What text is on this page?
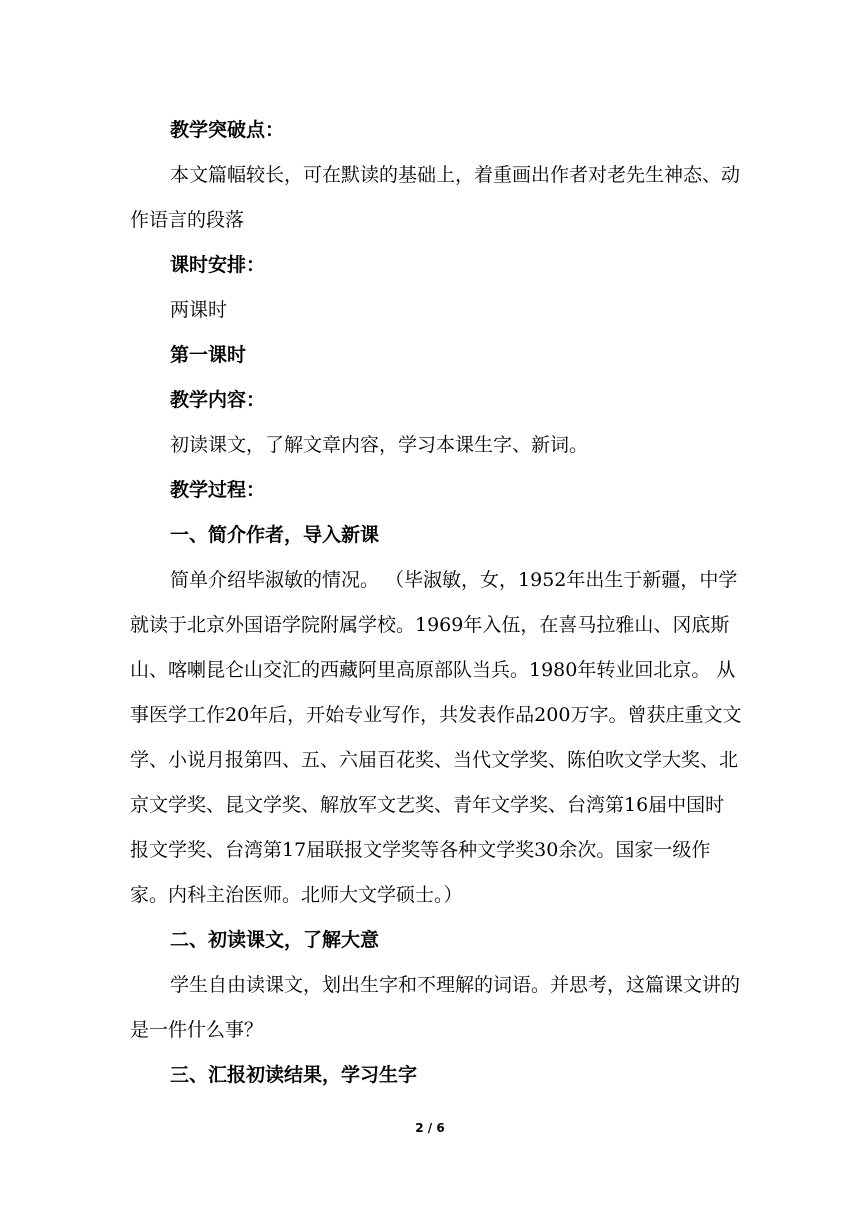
教学突破点：

本文篇幅较长，可在默读的基础上，着重画出作者对老先生神态、动作语言的段落

课时安排：

两课时

第一课时

教学内容：

初读课文，了解文章内容，学习本课生字、新词。

教学过程：

一、简介作者，导入新课

简单介绍毕淑敏的情况。 （毕淑敏，女，1952年出生于新疆，中学就读于北京外国语学院附属学校。1969年入伍，在喜马拉雅山、冈底斯山、喀喇昆仑山交汇的西藏阿里高原部队当兵。1980年转业回北京。 从事医学工作20年后，开始专业写作，共发表作品200万字。曾获庄重文文学、小说月报第四、五、六届百花奖、当代文学奖、陈伯吹文学大奖、北京文学奖、昆文学奖、解放军文艺奖、青年文学奖、台湾第16届中国时报文学奖、台湾第17届联报文学奖等各种文学奖30余次。国家一级作家。内科主治医师。北师大文学硕士。）

二、初读课文，了解大意

学生自由读课文，划出生字和不理解的词语。并思考，这篇课文讲的是一件什么事？

三、汇报初读结果，学习生字

2 / 6
